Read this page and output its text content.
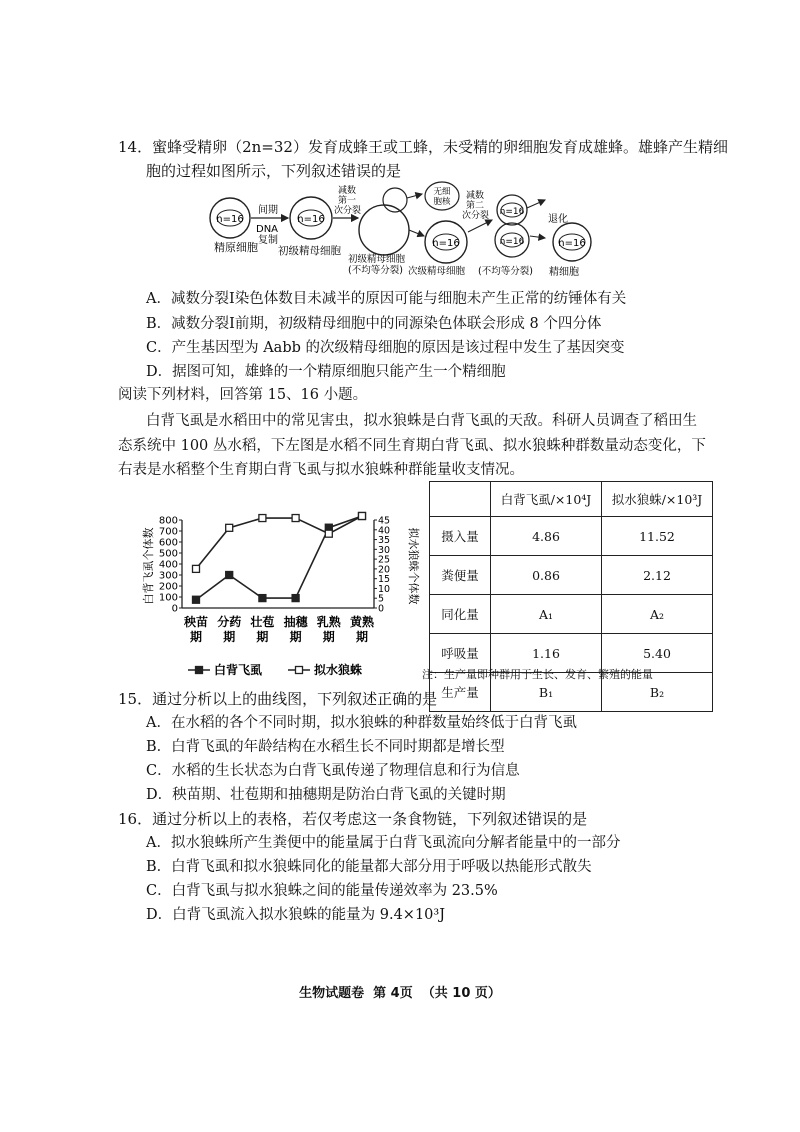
14．蜜蜂受精卵（2n=32）发育成蜂王或工蜂，未受精的卵细胞发育成雄蜂。雄蜂产生精细
胞的过程如图所示，下列叙述错误的是
n=16
精原细胞
间期
DNA
复制
n=16
初级精母细胞
减数
第一
次分裂
初级精母细胞
(不均等分裂)
无细
胞核
n=16
次级精母细胞 (不均等分裂)
减数
第二
次分裂 n=16
n=16
退化
n=16
精细胞
A．减数分裂Ⅰ染色体数目未减半的原因可能与细胞未产生正常的纺锤体有关
B．减数分裂Ⅰ前期，初级精母细胞中的同源染色体联会形成 8 个四分体
C．产生基因型为 Aabb 的次级精母细胞的原因是该过程中发生了基因突变
D．据图可知，雄蜂的一个精原细胞只能产生一个精细胞
阅读下列材料，回答第 15、16 小题。
白背飞虱是水稻田中的常见害虫，拟水狼蛛是白背飞虱的天敌。科研人员调查了稻田生
态系统中 100 丛水稻，下左图是水稻不同生育期白背飞虱、拟水狼蛛种群数量动态变化，下
右表是水稻整个生育期白背飞虱与拟水狼蛛种群能量收支情况。
白背飞虱个体数	拟水狼蛛个体数
0
100
200
300
400
500
600
700
800
0
5
10
15
20
25
30
35
40
45
秧苗
期
分药
期
壮苞
期
抽穗
期
乳熟
期
黄熟
期
白背飞虱	拟水狼蛛
	白背飞虱/×10⁴J	拟水狼蛛/×10³J
摄入量	4.86	11.52
粪便量	0.86	2.12
同化量	A₁	A₂
呼吸量	1.16	5.40
生产量	B₁	B₂
注：生产量即种群用于生长、发育、繁殖的能量
15．通过分析以上的曲线图，下列叙述正确的是
A．在水稻的各个不同时期，拟水狼蛛的种群数量始终低于白背飞虱
B．白背飞虱的年龄结构在水稻生长不同时期都是增长型
C．水稻的生长状态为白背飞虱传递了物理信息和行为信息
D．秧苗期、壮苞期和抽穗期是防治白背飞虱的关键时期
16．通过分析以上的表格，若仅考虑这一条食物链，下列叙述错误的是
A．拟水狼蛛所产生粪便中的能量属于白背飞虱流向分解者能量中的一部分
B．白背飞虱和拟水狼蛛同化的能量都大部分用于呼吸以热能形式散失
C．白背飞虱与拟水狼蛛之间的能量传递效率为 23.5%
D．白背飞虱流入拟水狼蛛的能量为 9.4×10³J
生物试题卷  第 4页  （共 10 页）
